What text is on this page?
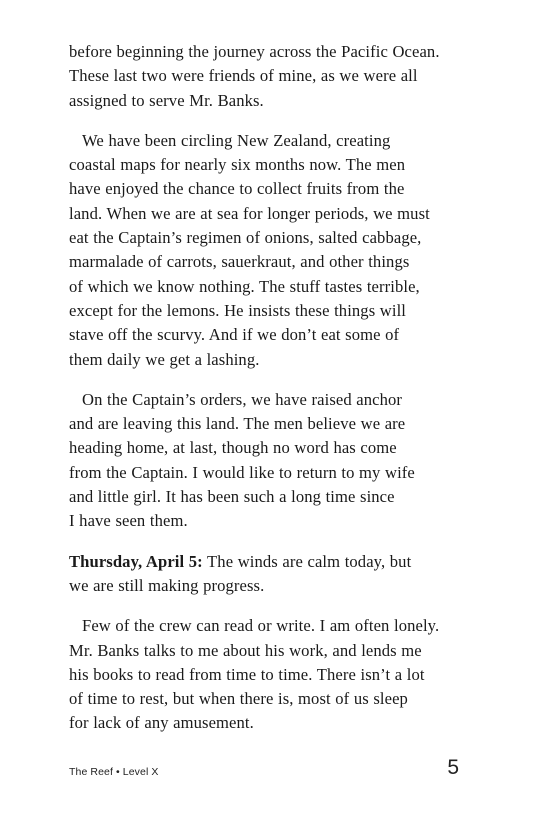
before beginning the journey across the Pacific Ocean.
These last two were friends of mine, as we were all
assigned to serve Mr. Banks.

We have been circling New Zealand, creating
coastal maps for nearly six months now. The men
have enjoyed the chance to collect fruits from the
land. When we are at sea for longer periods, we must
eat the Captain’s regimen of onions, salted cabbage,
marmalade of carrots, sauerkraut, and other things
of which we know nothing. The stuff tastes terrible,
except for the lemons. He insists these things will
stave off the scurvy. And if we don’t eat some of
them daily we get a lashing.

On the Captain’s orders, we have raised anchor
and are leaving this land. The men believe we are
heading home, at last, though no word has come
from the Captain. I would like to return to my wife
and little girl. It has been such a long time since
I have seen them.

Thursday, April 5: The winds are calm today, but
we are still making progress.

Few of the crew can read or write. I am often lonely.
Mr. Banks talks to me about his work, and lends me
his books to read from time to time. There isn’t a lot
of time to rest, but when there is, most of us sleep
for lack of any amusement.

The Reef • Level X	5
